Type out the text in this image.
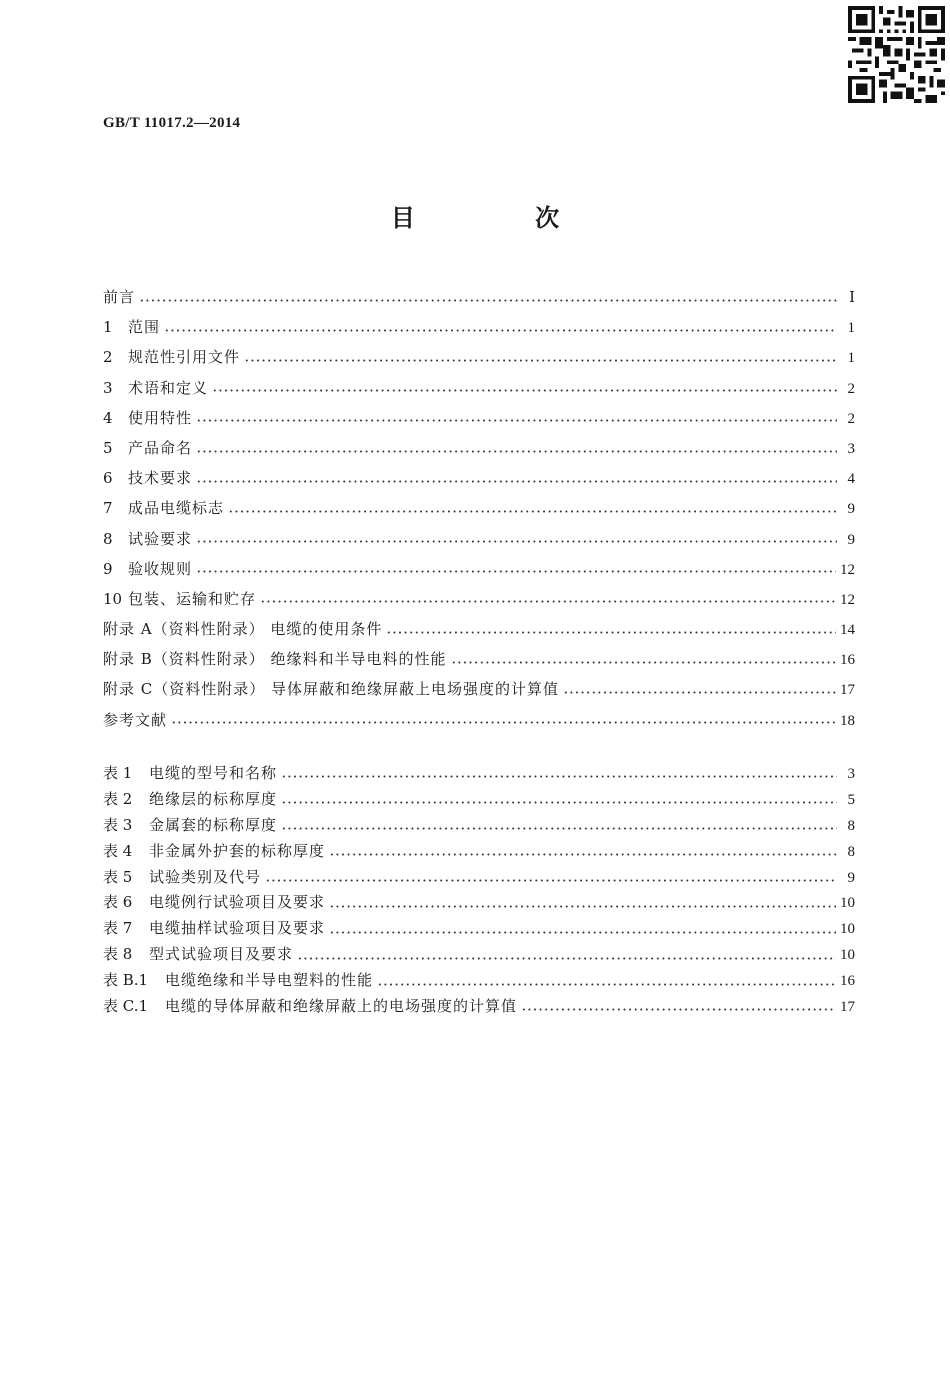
GB/T 11017.2—2014
目 次
前言	Ⅰ
1	范围	1
2	规范性引用文件	1
3	术语和定义	2
4	使用特性	2
5	产品命名	3
6	技术要求	4
7	成品电缆标志	9
8	试验要求	9
9	验收规则	12
10 包装、运输和贮存	12
附录 A（资料性附录） 电缆的使用条件	14
附录 B（资料性附录） 绝缘料和半导电料的性能	16
附录 C（资料性附录） 导体屏蔽和绝缘屏蔽上电场强度的计算值	17
参考文献	18
表 1	电缆的型号和名称	3
表 2	绝缘层的标称厚度	5
表 3	金属套的标称厚度	8
表 4	非金属外护套的标称厚度	8
表 5	试验类别及代号	9
表 6	电缆例行试验项目及要求	10
表 7	电缆抽样试验项目及要求	10
表 8	型式试验项目及要求	10
表 B.1	电缆绝缘和半导电塑料的性能	16
表 C.1	电缆的导体屏蔽和绝缘屏蔽上的电场强度的计算值	17
